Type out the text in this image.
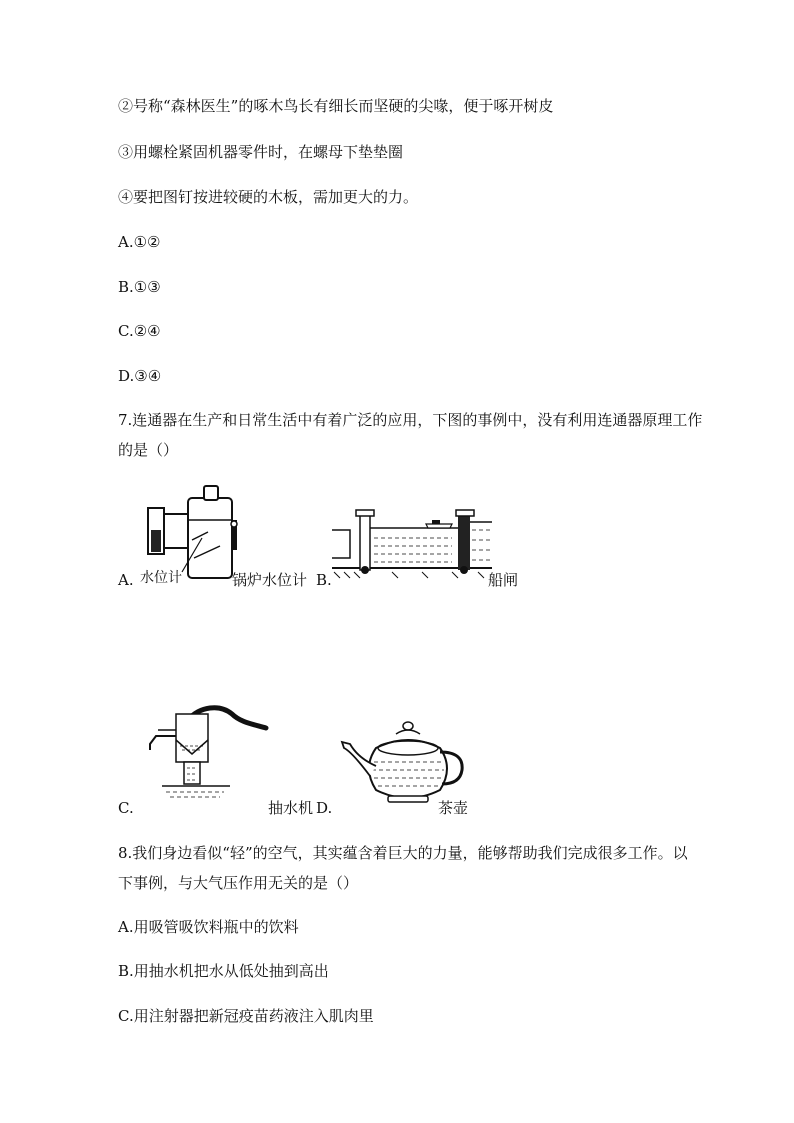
②号称“森林医生”的啄木鸟长有细长而坚硬的尖喙，便于啄开树皮
③用螺栓紧固机器零件时，在螺母下垫垫圈
④要把图钉按进较硬的木板，需加更大的力。
A.①②
B.①③
C.②④
D.③④
7.连通器在生产和日常生活中有着广泛的应用，下图的事例中，没有利用连通器原理工作
的是（）
A. 水位计	锅炉水位计 B.	船闸
C.	抽水机 D.	茶壶
8.我们身边看似“轻”的空气，其实蕴含着巨大的力量，能够帮助我们完成很多工作。以
下事例，与大气压作用无关的是（）
A.用吸管吸饮料瓶中的饮料
B.用抽水机把水从低处抽到高出
C.用注射器把新冠疫苗药液注入肌肉里
